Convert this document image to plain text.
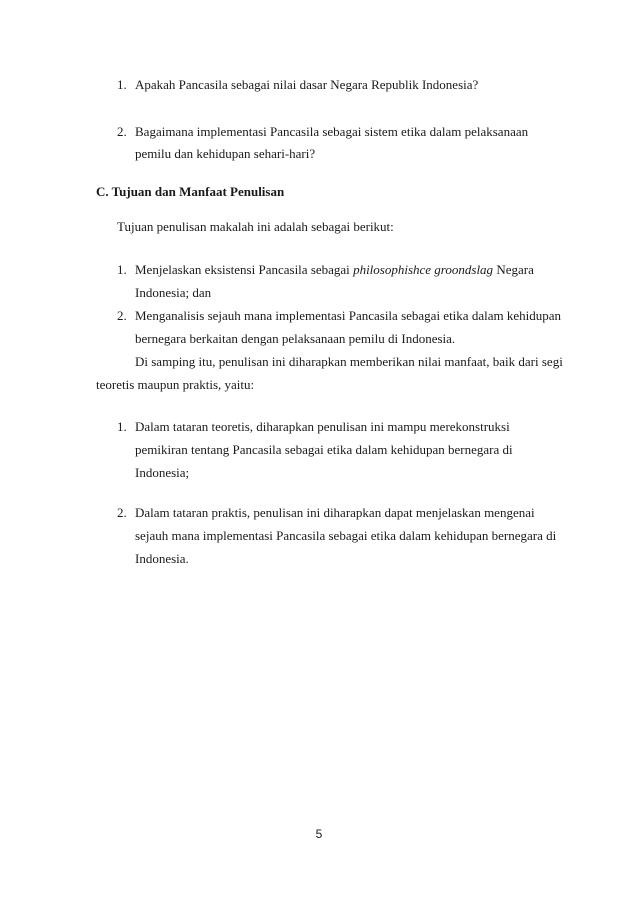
1. Apakah Pancasila sebagai nilai dasar Negara Republik Indonesia?
2. Bagaimana implementasi Pancasila sebagai sistem etika dalam pelaksanaan
pemilu dan kehidupan sehari-hari?
C. Tujuan dan Manfaat Penulisan
Tujuan penulisan makalah ini adalah sebagai berikut:
1. Menjelaskan eksistensi Pancasila sebagai philosophishce groondslag Negara
Indonesia; dan
2. Menganalisis sejauh mana implementasi Pancasila sebagai etika dalam kehidupan
bernegara berkaitan dengan pelaksanaan pemilu di Indonesia.
Di samping itu, penulisan ini diharapkan memberikan nilai manfaat, baik dari segi
teoretis maupun praktis, yaitu:
1. Dalam tataran teoretis, diharapkan penulisan ini mampu merekonstruksi
pemikiran tentang Pancasila sebagai etika dalam kehidupan bernegara di
Indonesia;
2. Dalam tataran praktis, penulisan ini diharapkan dapat menjelaskan mengenai
sejauh mana implementasi Pancasila sebagai etika dalam kehidupan bernegara di
Indonesia.
5
